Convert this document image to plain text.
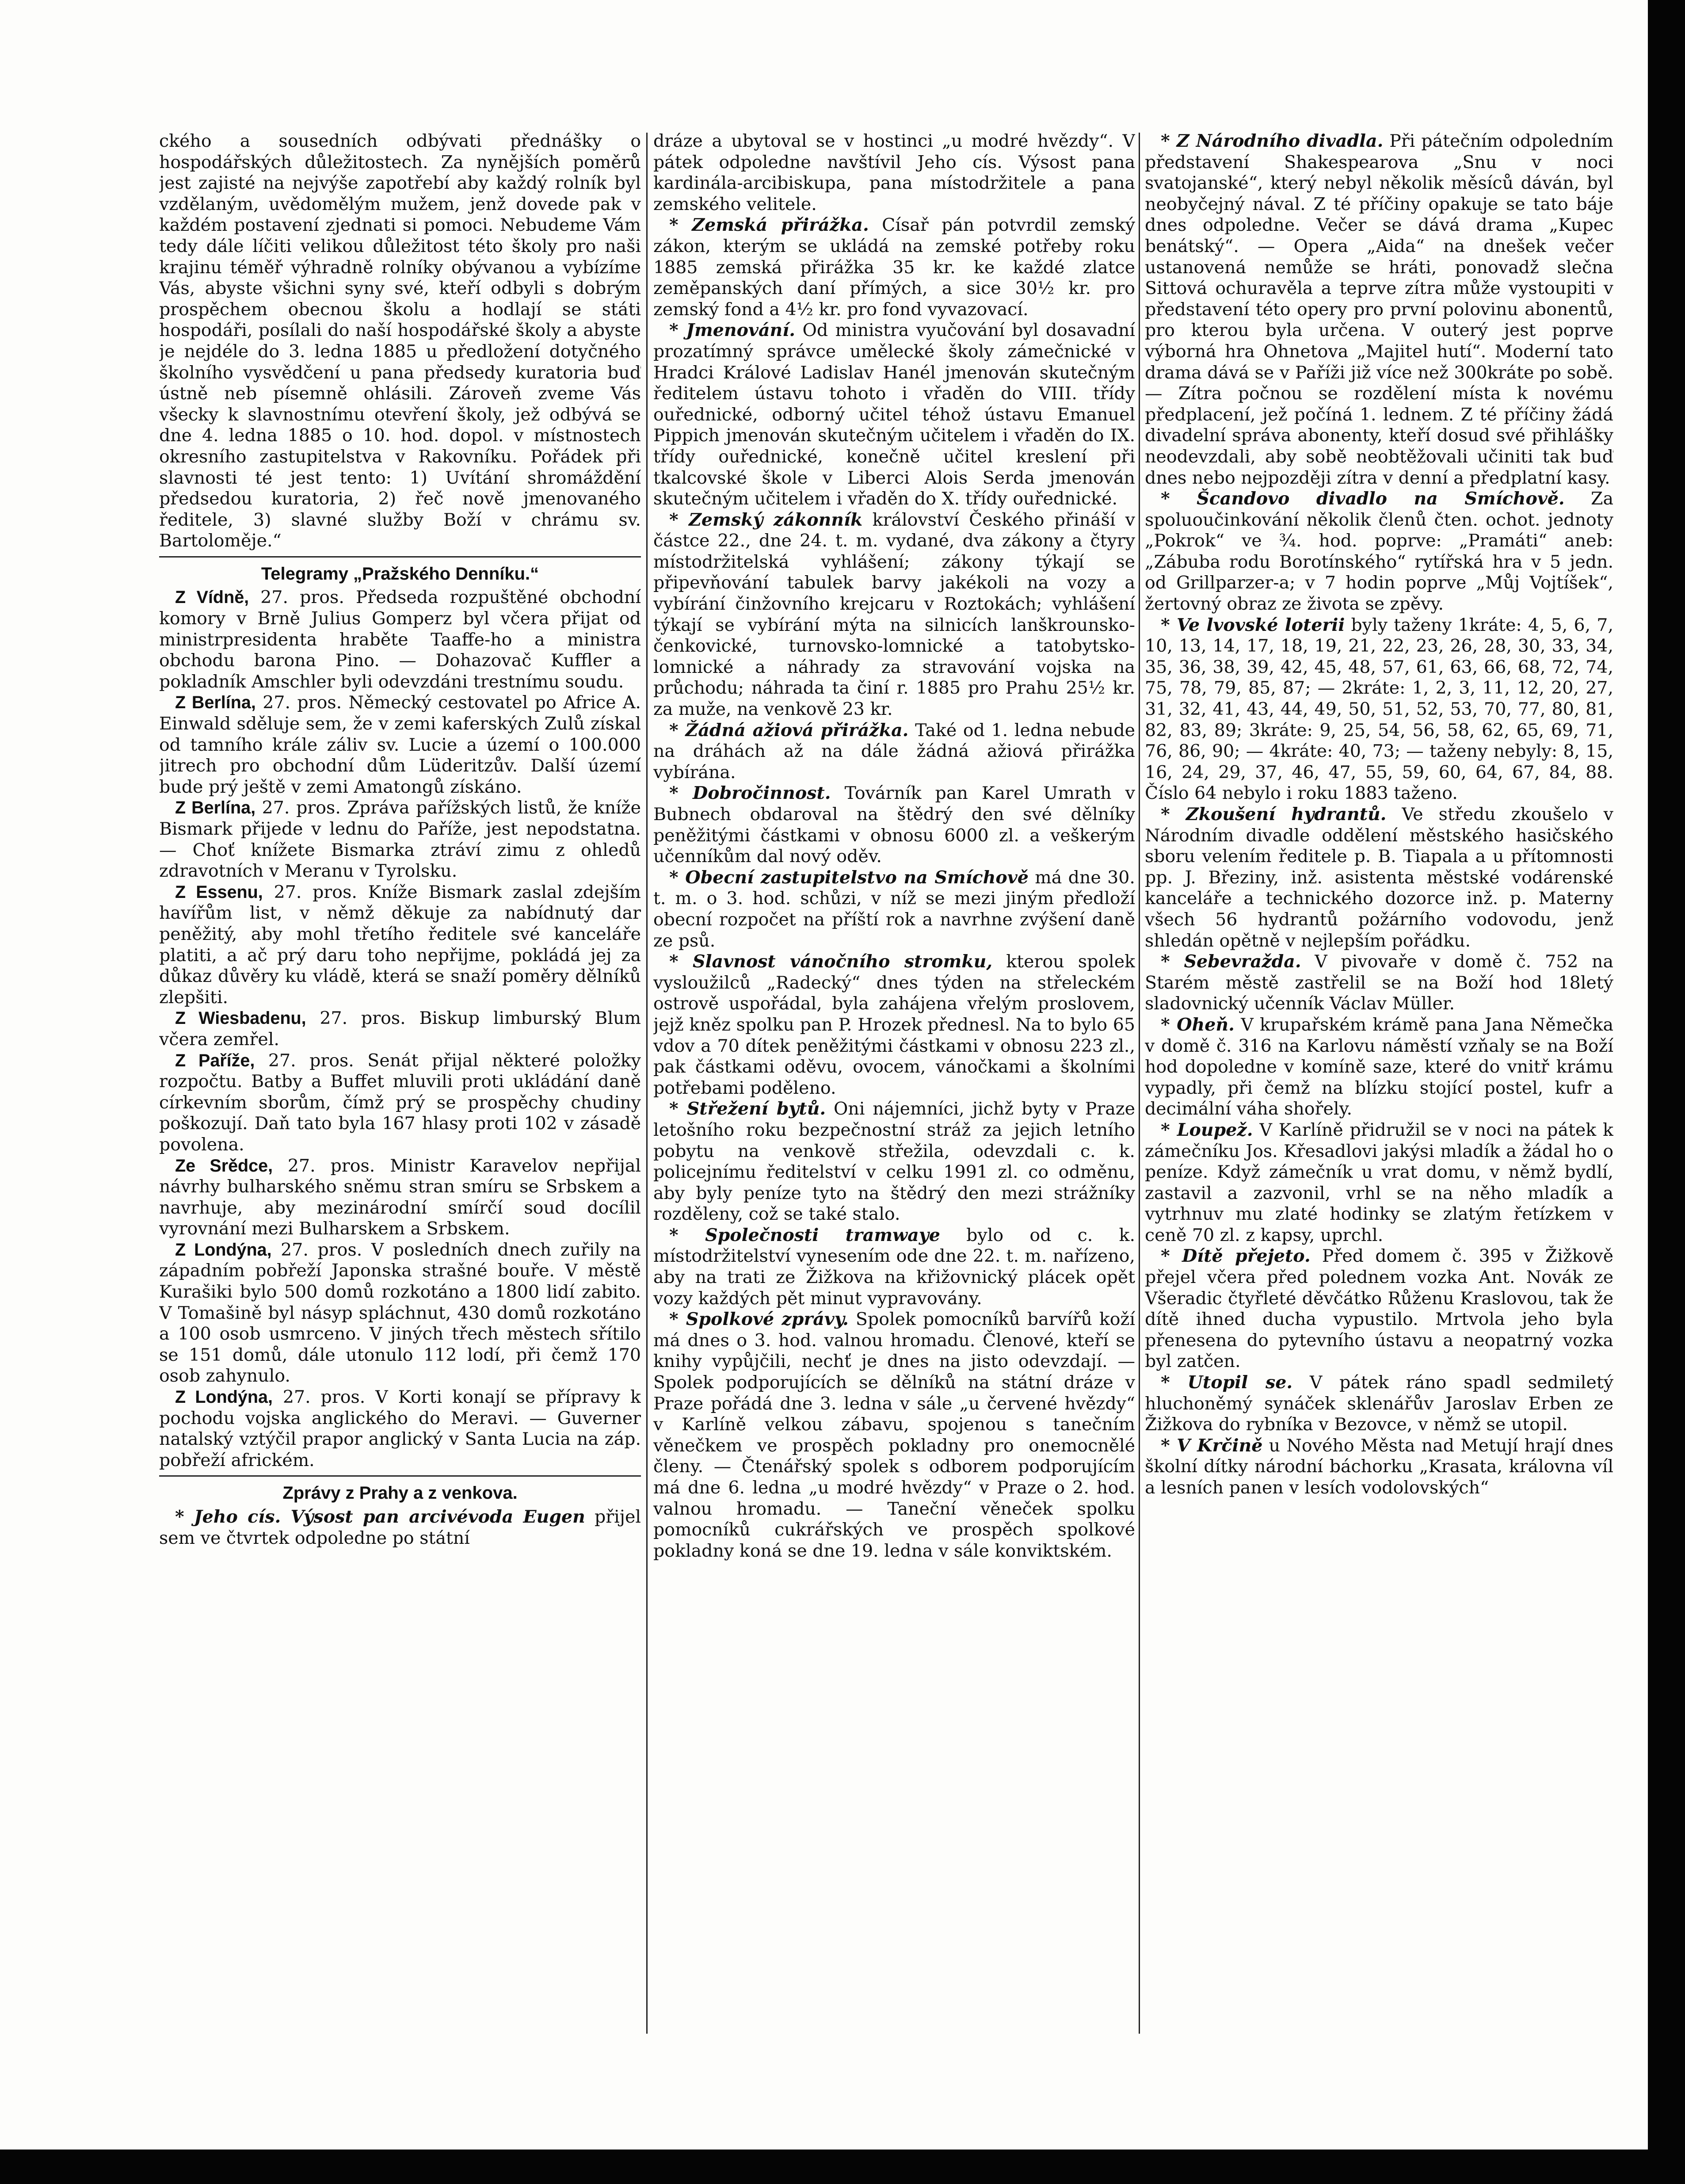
ckého a sousedních odbývati přednášky o hospodářských důležitostech. Za nynějších poměrů jest zajisté na nejvýše zapotřebí aby každý rolník byl vzdělaným, uvědomělým mužem, jenž dovede pak v každém postavení zjednati si pomoci. Nebudeme Vám tedy dále líčiti velikou důležitost této školy pro naši krajinu téměř výhradně rolníky obývanou a vybízíme Vás, abyste všichni syny své, kteří odbyli s dobrým prospěchem obecnou školu a hodlají se státi hospodáři, posílali do naší hospodářské školy a abyste je nejdéle do 3. ledna 1885 u předložení dotyčného školního vysvědčení u pana předsedy kuratoria buď ústně neb písemně ohlásili. Zároveň zveme Vás všecky k slavnostnímu otevření školy, jež odbývá se dne 4. ledna 1885 o 10. hod. dopol. v místnostech okresního zastupitelstva v Rakovníku. Pořádek při slavnosti té jest tento: 1) Uvítání shromáždění předsedou kuratoria, 2) řeč nově jmenovaného ředitele, 3) slavné služby Boží v chrámu sv. Bartoloměje.“

Telegramy „Pražského Denníku.“

Z Vídně, 27. pros. Předseda rozpuštěné obchodní komory v Brně Julius Gomperz byl včera přijat od ministrpresidenta hraběte Taaffe-ho a ministra obchodu barona Pino. — Dohazovač Kuffler a pokladník Amschler byli odevzdáni trestnímu soudu.

Z Berlína, 27. pros. Německý cestovatel po Africe A. Einwald sděluje sem, že v zemi kaferských Zulů získal od tamního krále záliv sv. Lucie a území o 100.000 jitrech pro obchodní dům Lüderitzův. Další území bude prý ještě v zemi Amatongů získáno.

Z Berlína, 27. pros. Zpráva pařížských listů, že kníže Bismark přijede v lednu do Paříže, jest nepodstatna. — Choť knížete Bismarka ztráví zimu z ohledů zdravotních v Meranu v Tyrolsku.

Z Essenu, 27. pros. Kníže Bismark zaslal zdejším havířům list, v němž děkuje za nabídnutý dar peněžitý, aby mohl třetího ředitele své kanceláře platiti, a ač prý daru toho nepřijme, pokládá jej za důkaz důvěry ku vládě, která se snaží poměry dělníků zlepšiti.

Z Wiesbadenu, 27. pros. Biskup limburský Blum včera zemřel.

Z Paříže, 27. pros. Senát přijal některé položky rozpočtu. Batby a Buffet mluvili proti ukládání daně církevním sborům, čímž prý se prospěchy chudiny poškozují. Daň tato byla 167 hlasy proti 102 v zásadě povolena.

Ze Srědce, 27. pros. Ministr Karavelov nepřijal návrhy bulharského sněmu stran smíru se Srbskem a navrhuje, aby mezinárodní smírčí soud docílil vyrovnání mezi Bulharskem a Srbskem.

Z Londýna, 27. pros. V posledních dnech zuřily na západním pobřeží Japonska strašné bouře. V městě Kurašiki bylo 500 domů rozkotáno a 1800 lidí zabito. V Tomašině byl násyp spláchnut, 430 domů rozkotáno a 100 osob usmrceno. V jiných třech městech sřítilo se 151 domů, dále utonulo 112 lodí, při čemž 170 osob zahynulo.

Z Londýna, 27. pros. V Korti konají se přípravy k pochodu vojska anglického do Meravi. — Guverner natalský vztýčil prapor anglický v Santa Lucia na záp. pobřeží africkém.

Zprávy z Prahy a z venkova.

* Jeho cís. Výsost pan arcivévoda Eugen přijel sem ve čtvrtek odpoledne po státní

dráze a ubytoval se v hostinci „u modré hvězdy“. V pátek odpoledne navštívil Jeho cís. Výsost pana kardinála-arcibiskupa, pana místodržitele a pana zemského velitele.

* Zemská přirážka. Císař pán potvrdil zemský zákon, kterým se ukládá na zemské potřeby roku 1885 zemská přirážka 35 kr. ke každé zlatce zeměpanských daní přímých, a sice 30½ kr. pro zemský fond a 4½ kr. pro fond vyvazovací.

* Jmenování. Od ministra vyučování byl dosavadní prozatímný správce umělecké školy zámečnické v Hradci Králové Ladislav Hanél jmenován skutečným ředitelem ústavu tohoto i vřaděn do VIII. třídy ouřednické, odborný učitel téhož ústavu Emanuel Pippich jmenován skutečným učitelem i vřaděn do IX. třídy ouřednické, konečně učitel kreslení při tkalcovské škole v Liberci Alois Serda jmenován skutečným učitelem i vřaděn do X. třídy ouřednické.

* Zemský zákonník království Českého přináší v částce 22., dne 24. t. m. vydané, dva zákony a čtyry místodržitelská vyhlášení; zákony týkají se připevňování tabulek barvy jakékoli na vozy a vybírání činžovního krejcaru v Roztokách; vyhlášení týkají se vybírání mýta na silnicích lanškrounsko-čenkovické, turnovsko-lomnické a tatobytsko-lomnické a náhrady za stravování vojska na průchodu; náhrada ta činí r. 1885 pro Prahu 25½ kr. za muže, na venkově 23 kr.

* Žádná ažiová přirážka. Také od 1. ledna nebude na dráhách až na dále žádná ažiová přirážka vybírána.

* Dobročinnost. Továrník pan Karel Umrath v Bubnech obdaroval na štědrý den své dělníky peněžitými částkami v obnosu 6000 zl. a veškerým učenníkům dal nový oděv.

* Obecní zastupitelstvo na Smíchově má dne 30. t. m. o 3. hod. schůzi, v níž se mezi jiným předloží obecní rozpočet na příští rok a navrhne zvýšení daně ze psů.

* Slavnost vánočního stromku, kterou spolek vysloužilců „Radecký“ dnes týden na střeleckém ostrově uspořádal, byla zahájena vřelým proslovem, jejž kněz spolku pan P. Hrozek přednesl. Na to bylo 65 vdov a 70 dítek peněžitými částkami v obnosu 223 zl., pak částkami oděvu, ovocem, vánočkami a školními potřebami poděleno.

* Střežení bytů. Oni nájemníci, jichž byty v Praze letošního roku bezpečnostní stráž za jejich letního pobytu na venkově střežila, odevzdali c. k. policejnímu ředitelství v celku 1991 zl. co odměnu, aby byly peníze tyto na štědrý den mezi strážníky rozděleny, což se také stalo.

* Společnosti tramwaye bylo od c. k. místodržitelství vynesením ode dne 22. t. m. nařízeno, aby na trati ze Žižkova na křižovnický plácek opět vozy každých pět minut vypravovány.

* Spolkové zprávy. Spolek pomocníků barvířů koží má dnes o 3. hod. valnou hromadu. Členové, kteří se knihy vypůjčili, nechť je dnes na jisto odevzdají. — Spolek podporujících se dělníků na státní dráze v Praze pořádá dne 3. ledna v sále „u červené hvězdy“ v Karlíně velkou zábavu, spojenou s tanečním věnečkem ve prospěch pokladny pro onemocnělé členy. — Čtenářský spolek s odborem podporujícím má dne 6. ledna „u modré hvězdy“ v Praze o 2. hod. valnou hromadu. — Taneční věneček spolku pomocníků cukrářských ve prospěch spolkové pokladny koná se dne 19. ledna v sále konviktském.

* Z Národního divadla. Při pátečním odpoledním představení Shakespearova „Snu v noci svatojanské“, který nebyl několik měsíců dáván, byl neobyčejný nával. Z té příčiny opakuje se tato báje dnes odpoledne. Večer se dává drama „Kupec benátský“. — Opera „Aida“ na dnešek večer ustanovená nemůže se hráti, ponovadž slečna Sittová ochuravěla a teprve zítra může vystoupiti v představení této opery pro první polovinu abonentů, pro kterou byla určena. V outerý jest poprve výborná hra Ohnetova „Majitel hutí“. Moderní tato drama dává se v Paříži již více než 300kráte po sobě. — Zítra počnou se rozdělení místa k novému předplacení, jež počíná 1. lednem. Z té příčiny žádá divadelní správa abonenty, kteří dosud své přihlášky neodevzdali, aby sobě neobtěžovali učiniti tak buď dnes nebo nejpozději zítra v denní a předplatní kasy.

* Šcandovo divadlo na Smíchově. Za spoluoučinkování několik členů čten. ochot. jednoty „Pokrok“ ve ¾. hod. poprve: „Pramáti“ aneb: „Zábuba rodu Borotínského“ rytířská hra v 5 jedn. od Grillparzer-a; v 7 hodin poprve „Můj Vojtíšek“, žertovný obraz ze života se zpěvy.

* Ve lvovské loterii byly taženy 1kráte: 4, 5, 6, 7, 10, 13, 14, 17, 18, 19, 21, 22, 23, 26, 28, 30, 33, 34, 35, 36, 38, 39, 42, 45, 48, 57, 61, 63, 66, 68, 72, 74, 75, 78, 79, 85, 87; — 2kráte: 1, 2, 3, 11, 12, 20, 27, 31, 32, 41, 43, 44, 49, 50, 51, 52, 53, 70, 77, 80, 81, 82, 83, 89; 3kráte: 9, 25, 54, 56, 58, 62, 65, 69, 71, 76, 86, 90; — 4kráte: 40, 73; — taženy nebyly: 8, 15, 16, 24, 29, 37, 46, 47, 55, 59, 60, 64, 67, 84, 88. Číslo 64 nebylo i roku 1883 taženo.

* Zkoušení hydrantů. Ve středu zkoušelo v Národním divadle oddělení městského hasičského sboru velením ředitele p. B. Tiapala a u přítomnosti pp. J. Březiny, inž. asistenta městské vodárenské kanceláře a technického dozorce inž. p. Materny všech 56 hydrantů požárního vodovodu, jenž shledán opětně v nejlepším pořádku.

* Sebevražda. V pivovaře v domě č. 752 na Starém městě zastřelil se na Boží hod 18letý sladovnický učenník Václav Müller.

* Oheň. V krupařském krámě pana Jana Němečka v domě č. 316 na Karlovu náměstí vzňaly se na Boží hod dopoledne v komíně saze, které do vnitř krámu vypadly, při čemž na blízku stojící postel, kufr a decimální váha shořely.

* Loupež. V Karlíně přidružil se v noci na pátek k zámečníku Jos. Křesadlovi jakýsi mladík a žádal ho o peníze. Když zámečník u vrat domu, v němž bydlí, zastavil a zazvonil, vrhl se na něho mladík a vytrhnuv mu zlaté hodinky se zlatým řetízkem v ceně 70 zl. z kapsy, uprchl.

* Dítě přejeto. Před domem č. 395 v Žižkově přejel včera před polednem vozka Ant. Novák ze Všeradic čtyřleté děvčátko Růženu Kraslovou, tak že dítě ihned ducha vypustilo. Mrtvola jeho byla přenesena do pytevního ústavu a neopatrný vozka byl zatčen.

* Utopil se. V pátek ráno spadl sedmiletý hluchoněmý synáček sklenářův Jaroslav Erben ze Žižkova do rybníka v Bezovce, v němž se utopil.

* V Krčině u Nového Města nad Metují hrají dnes školní dítky národní báchorku „Krasata, královna víl a lesních panen v lesích vodolovských“
